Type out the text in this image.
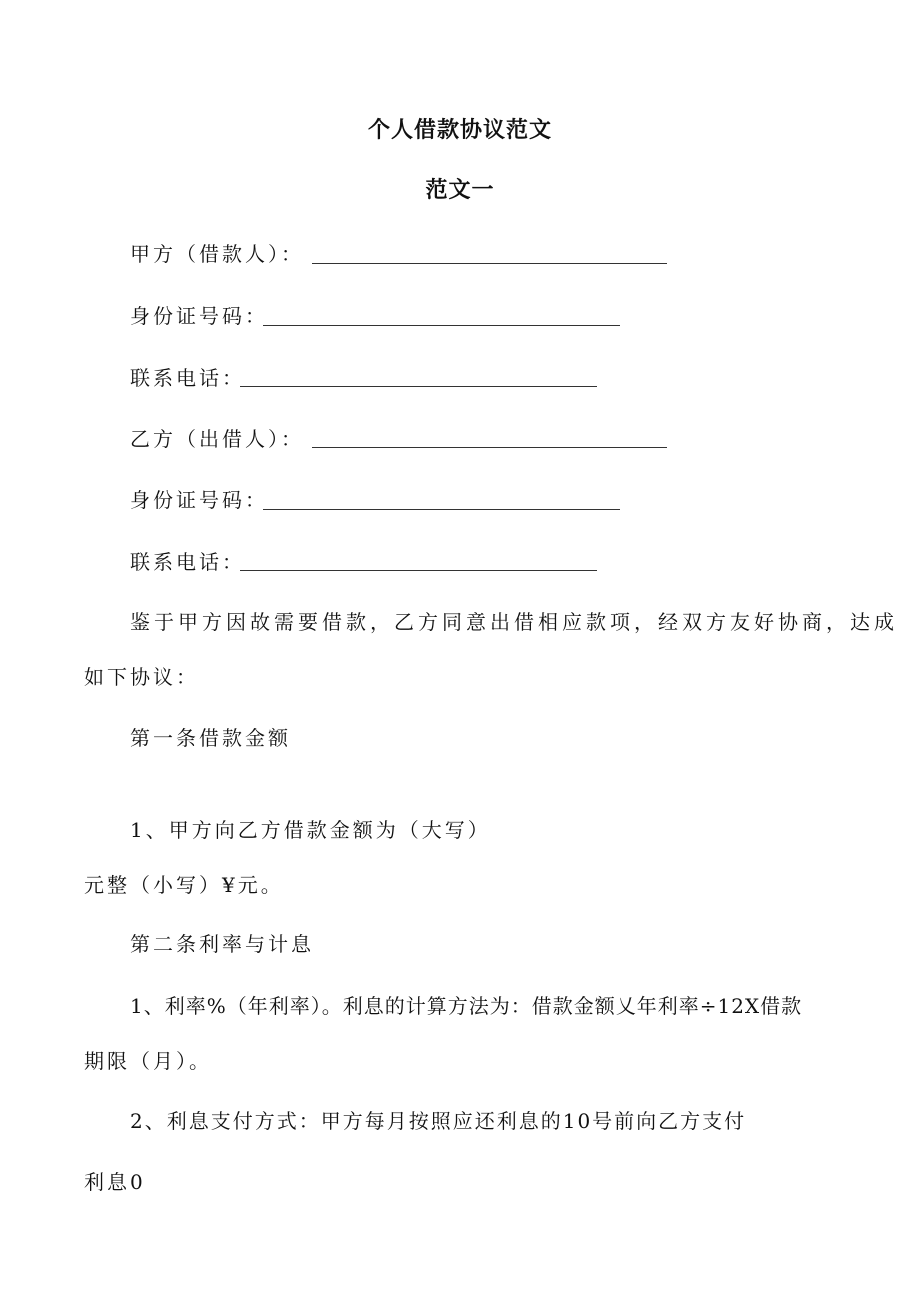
个人借款协议范文
范文一
甲方（借款人）：
身份证号码：
联系电话：
乙方（出借人）：
身份证号码：
联系电话：
鉴于甲方因故需要借款，乙方同意出借相应款项，经双方友好协商，达成
如下协议：
第一条借款金额
1、甲方向乙方借款金额为（大写）
元整（小写）¥元。
第二条利率与计息
1、利率%（年利率）。利息的计算方法为：借款金额乂年利率÷12X借款
期限（月）。
2、利息支付方式：甲方每月按照应还利息的10号前向乙方支付
利息0
